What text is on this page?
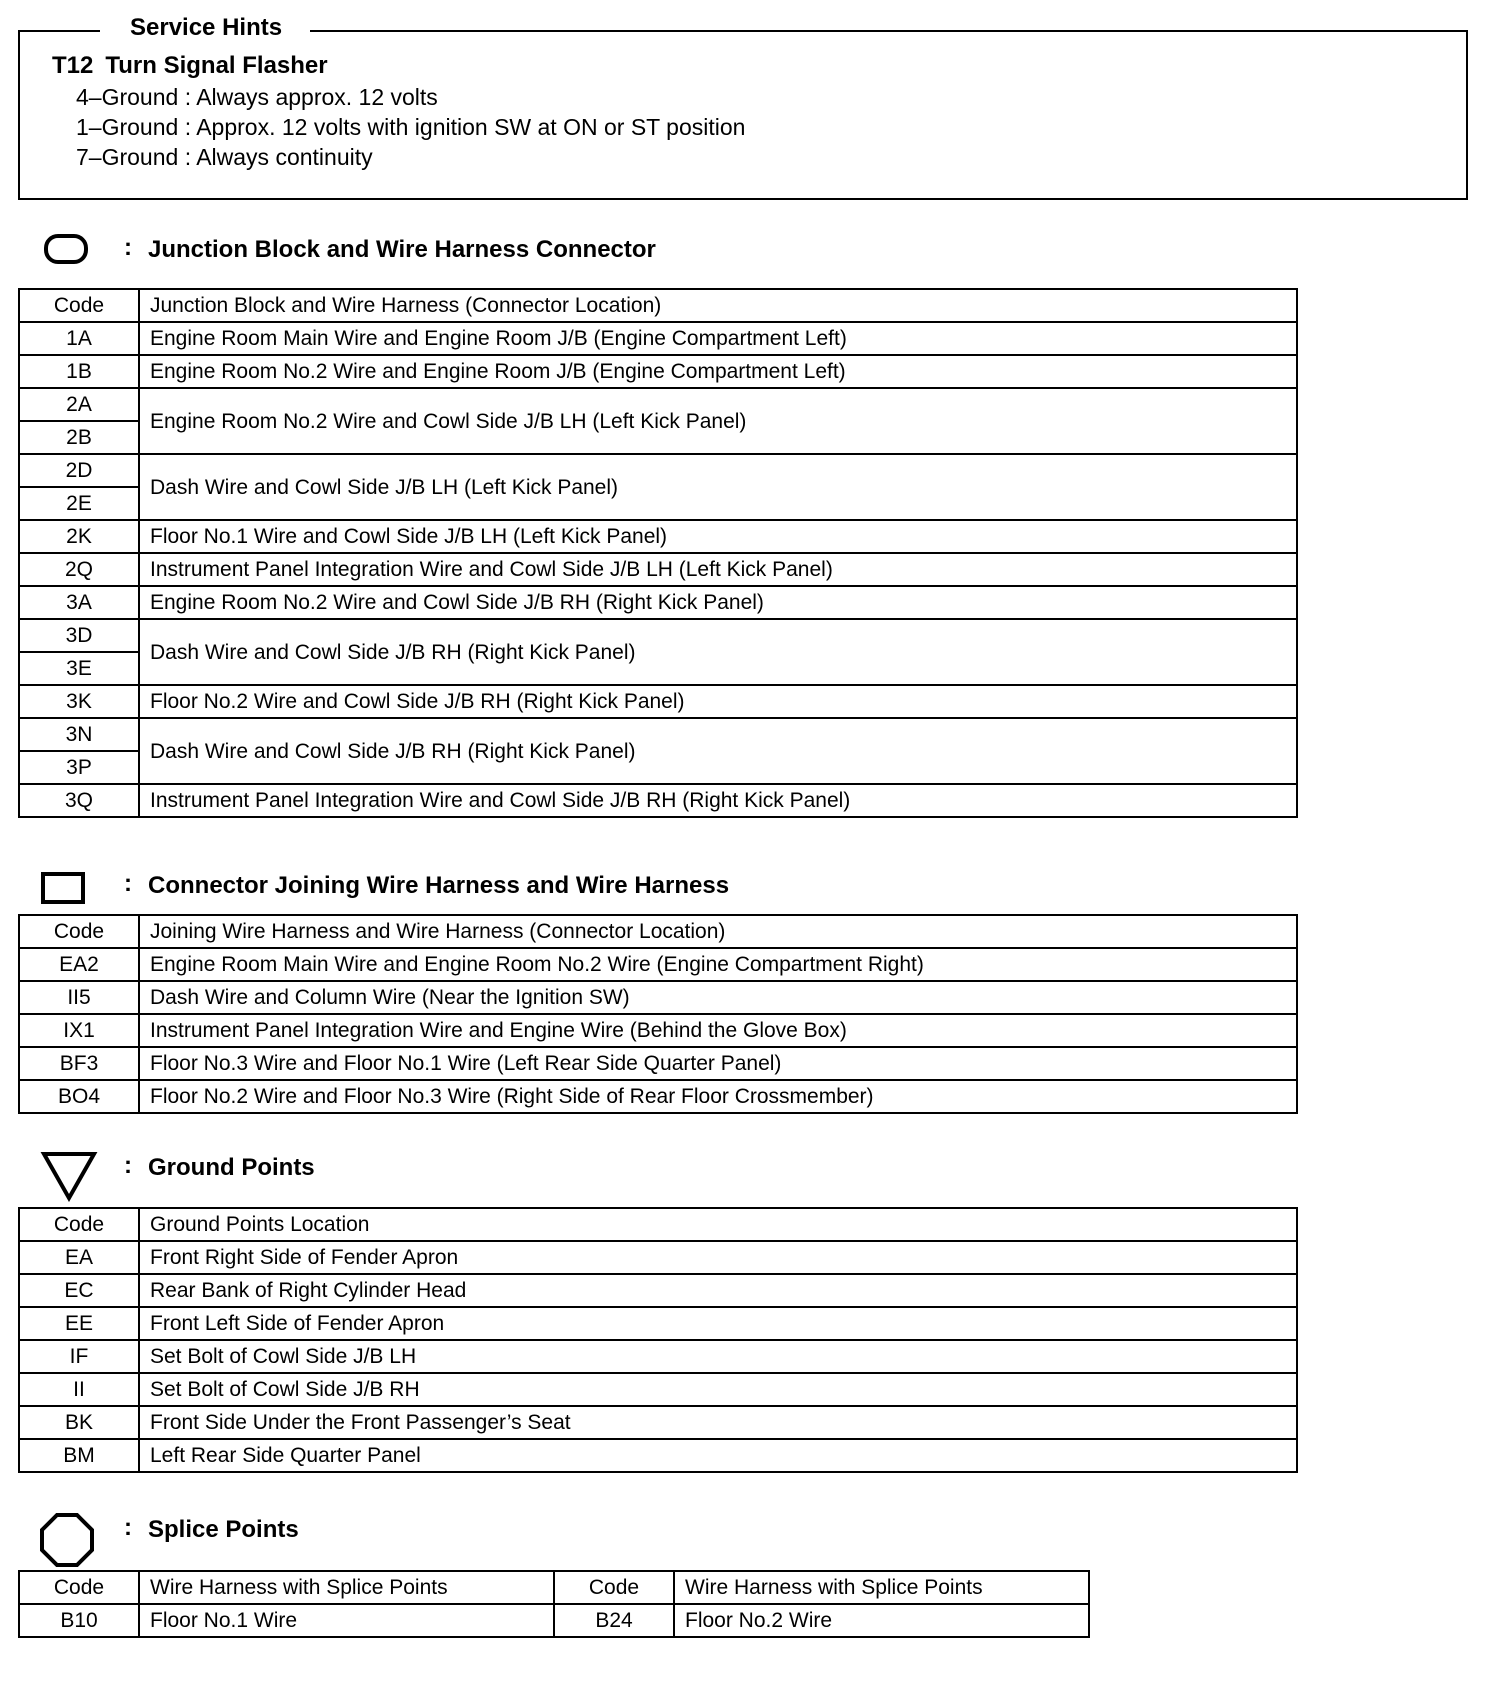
Service Hints
T12 Turn Signal Flasher
4–Ground : Always approx. 12 volts
1–Ground : Approx. 12 volts with ignition SW at ON or ST position
7–Ground : Always continuity
: Junction Block and Wire Harness Connector
Code	Junction Block and Wire Harness (Connector Location)
1A	Engine Room Main Wire and Engine Room J/B (Engine Compartment Left)
1B	Engine Room No.2 Wire and Engine Room J/B (Engine Compartment Left)
2A	Engine Room No.2 Wire and Cowl Side J/B LH (Left Kick Panel)
2B	
2D	Dash Wire and Cowl Side J/B LH (Left Kick Panel)
2E	
2K	Floor No.1 Wire and Cowl Side J/B LH (Left Kick Panel)
2Q	Instrument Panel Integration Wire and Cowl Side J/B LH (Left Kick Panel)
3A	Engine Room No.2 Wire and Cowl Side J/B RH (Right Kick Panel)
3D	Dash Wire and Cowl Side J/B RH (Right Kick Panel)
3E	
3K	Floor No.2 Wire and Cowl Side J/B RH (Right Kick Panel)
3N	Dash Wire and Cowl Side J/B RH (Right Kick Panel)
3P	
3Q	Instrument Panel Integration Wire and Cowl Side J/B RH (Right Kick Panel)
: Connector Joining Wire Harness and Wire Harness
Code	Joining Wire Harness and Wire Harness (Connector Location)
EA2	Engine Room Main Wire and Engine Room No.2 Wire (Engine Compartment Right)
II5	Dash Wire and Column Wire (Near the Ignition SW)
IX1	Instrument Panel Integration Wire and Engine Wire (Behind the Glove Box)
BF3	Floor No.3 Wire and Floor No.1 Wire (Left Rear Side Quarter Panel)
BO4	Floor No.2 Wire and Floor No.3 Wire (Right Side of Rear Floor Crossmember)
: Ground Points
Code	Ground Points Location
EA	Front Right Side of Fender Apron
EC	Rear Bank of Right Cylinder Head
EE	Front Left Side of Fender Apron
IF	Set Bolt of Cowl Side J/B LH
II	Set Bolt of Cowl Side J/B RH
BK	Front Side Under the Front Passenger’s Seat
BM	Left Rear Side Quarter Panel
: Splice Points
Code	Wire Harness with Splice Points	Code	Wire Harness with Splice Points
B10	Floor No.1 Wire	B24	Floor No.2 Wire
